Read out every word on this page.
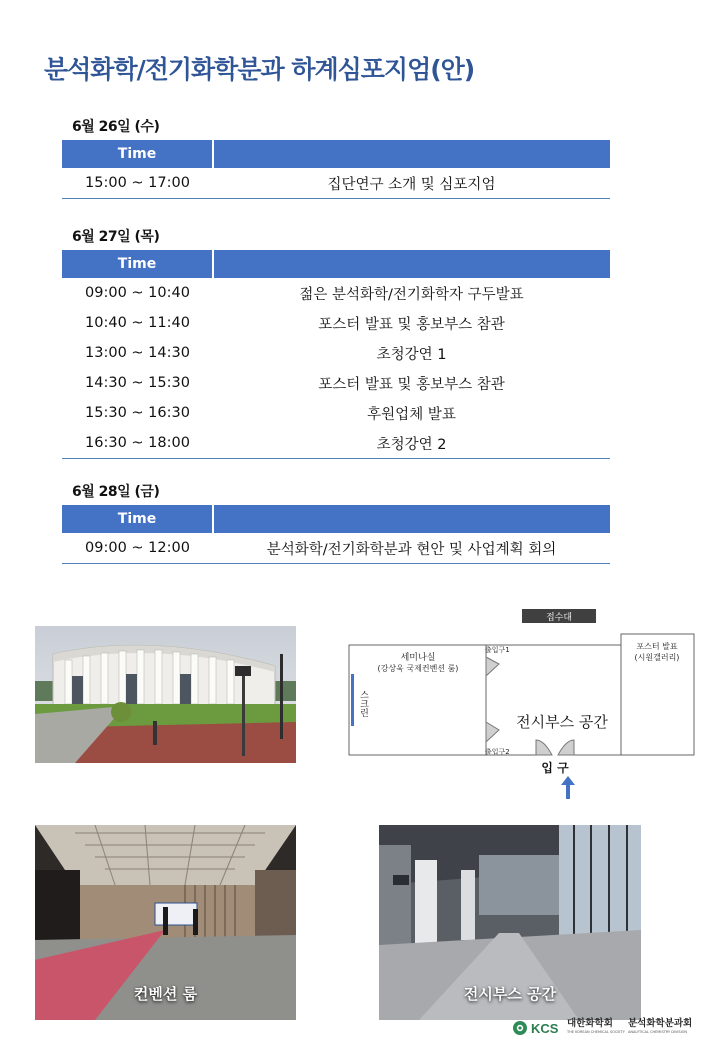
분석화학/전기화학분과 하계심포지엄(안)
6월 26일 (수)
Time	
15:00 ~ 17:00	집단연구 소개 및 심포지엄
6월 27일 (목)
Time	
09:00 ~ 10:40	젊은 분석화학/전기화학자 구두발표
10:40 ~ 11:40	포스터 발표 및 홍보부스 참관
13:00 ~ 14:30	초청강연 1
14:30 ~ 15:30	포스터 발표 및 홍보부스 참관
15:30 ~ 16:30	후원업체 발표
16:30 ~ 18:00	초청강연 2
6월 28일 (금)
Time	
09:00 ~ 12:00	분석화학/전기화학분과 현안 및 사업계획 회의
접수대
세미나실
(강상욱 국제컨벤션 룸)
스크린
출입구1
출입구2
포스터 발표
(시원갤러리)
전시부스 공간
입 구
컨벤션 룸	전시부스 공간
KCS 대한화학회
THE KOREAN CHEMICAL SOCIETY
분석화학분과회
ANALYTICAL CHEMISTRY DIVISION
